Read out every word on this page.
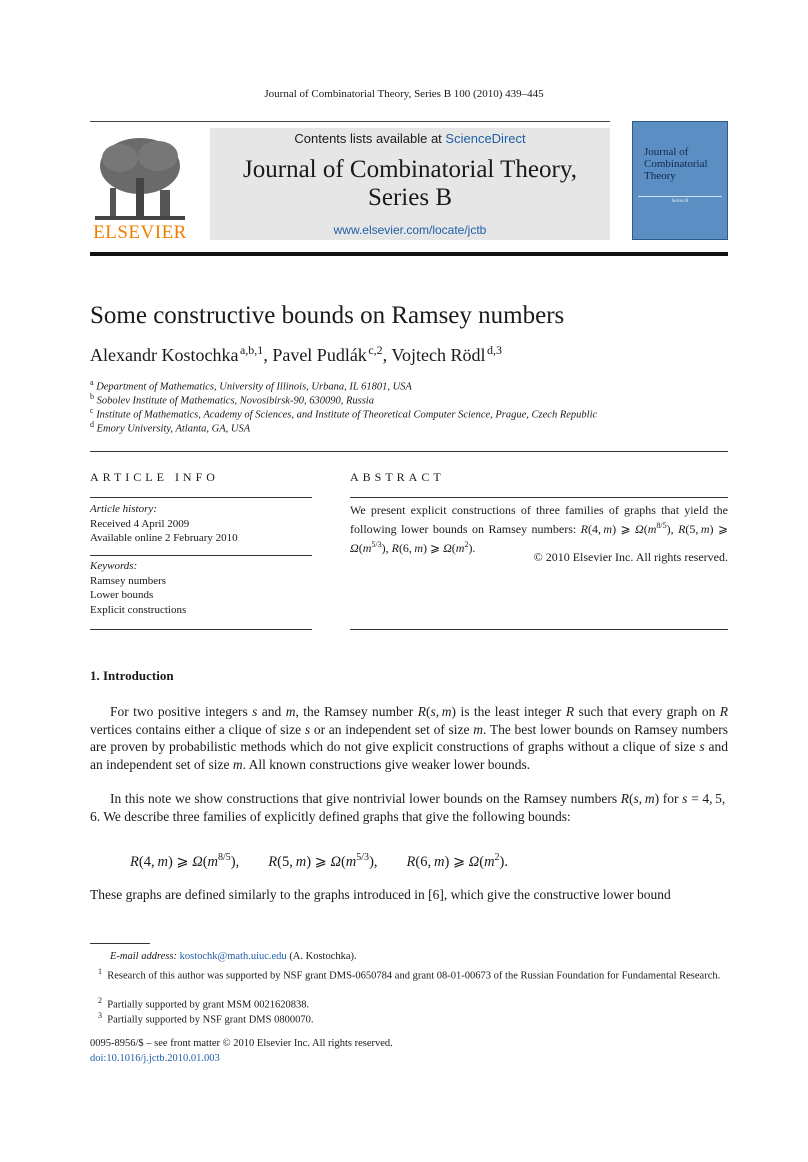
Journal of Combinatorial Theory, Series B 100 (2010) 439–445
ELSEVIER
Contents lists available at ScienceDirect
Journal of Combinatorial Theory,
Series B
www.elsevier.com/locate/jctb
Journal of Combinatorial Theory
Series B
Some constructive bounds on Ramsey numbers
Alexandr Kostochka  $^{a,b,1}$, Pavel Pudlák  $^{c,2}$, Vojtech Rödl  $^{d,3}$
$^a$ Department of Mathematics, University of Illinois, Urbana, IL 61801, USA
$^b$ Sobolev Institute of Mathematics, Novosibirsk-90, 630090, Russia
$^c$ Institute of Mathematics, Academy of Sciences, and Institute of Theoretical Computer Science, Prague, Czech Republic
$^d$ Emory University, Atlanta, GA, USA
ARTICLE INFO
Article history:
Received 4 April 2009
Available online 2 February 2010
Keywords:
Ramsey numbers
Lower bounds
Explicit constructions
ABSTRACT
We present explicit constructions of three families of graphs that yield the following lower bounds on Ramsey numbers: R(4, m) ⩾ $\Omega(m^{8/5})$, R(5, m) ⩾ $\Omega(m^{5/3})$, R(6, m) ⩾ $\Omega(m^2)$.
© 2010 Elsevier Inc. All rights reserved.
1. Introduction
For two positive integers s and m, the Ramsey number R(s, m) is the least integer R such that every graph on R vertices contains either a clique of size s or an independent set of size m. The best lower bounds on Ramsey numbers are proven by probabilistic methods which do not give explicit constructions of graphs without a clique of size s and an independent set of size m. All known constructions give weaker lower bounds.
In this note we show constructions that give nontrivial lower bounds on the Ramsey numbers R(s, m) for s = 4, 5, 6. We describe three families of explicitly defined graphs that give the following bounds:
R(4, m) ⩾ $\Omega(m^{8/5})$,  R(5, m) ⩾ $\Omega(m^{5/3})$,  R(6, m) ⩾ $\Omega(m^2)$.
These graphs are defined similarly to the graphs introduced in [6], which give the constructive lower bound
E-mail address: kostochk@math.uiuc.edu (A. Kostochka).
$^1$  Research of this author was supported by NSF grant DMS-0650784 and grant 08-01-00673 of the Russian Foundation for Fundamental Research.
$^2$  Partially supported by grant MSM 0021620838.
$^3$  Partially supported by NSF grant DMS 0800070.
0095-8956/$ – see front matter © 2010 Elsevier Inc. All rights reserved.
doi:10.1016/j.jctb.2010.01.003
